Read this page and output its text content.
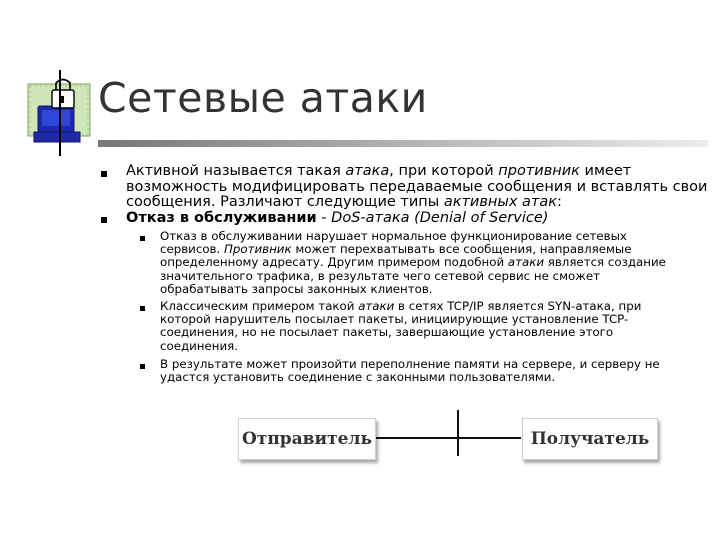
Сетевые атаки
Активной называется такая атака, при которой противник имеет
возможность модифицировать передаваемые сообщения и вставлять свои
сообщения. Различают следующие типы активных атак:
Отказ в обслуживании - DoS-атака (Denial of Service)
Отказ в обслуживании нарушает нормальное функционирование сетевых
сервисов. Противник может перехватывать все сообщения, направляемые
определенному адресату. Другим примером подобной атаки является создание
значительного трафика, в результате чего сетевой сервис не сможет
обрабатывать запросы законных клиентов.
Классическим примером такой атаки в сетях TCP/IP является SYN-атака, при
которой нарушитель посылает пакеты, инициирующие установление TCP-
соединения, но не посылает пакеты, завершающие установление этого
соединения.
В результате может произойти переполнение памяти на сервере, и серверу не
удастся установить соединение с законными пользователями.
Отправитель	Получатель
